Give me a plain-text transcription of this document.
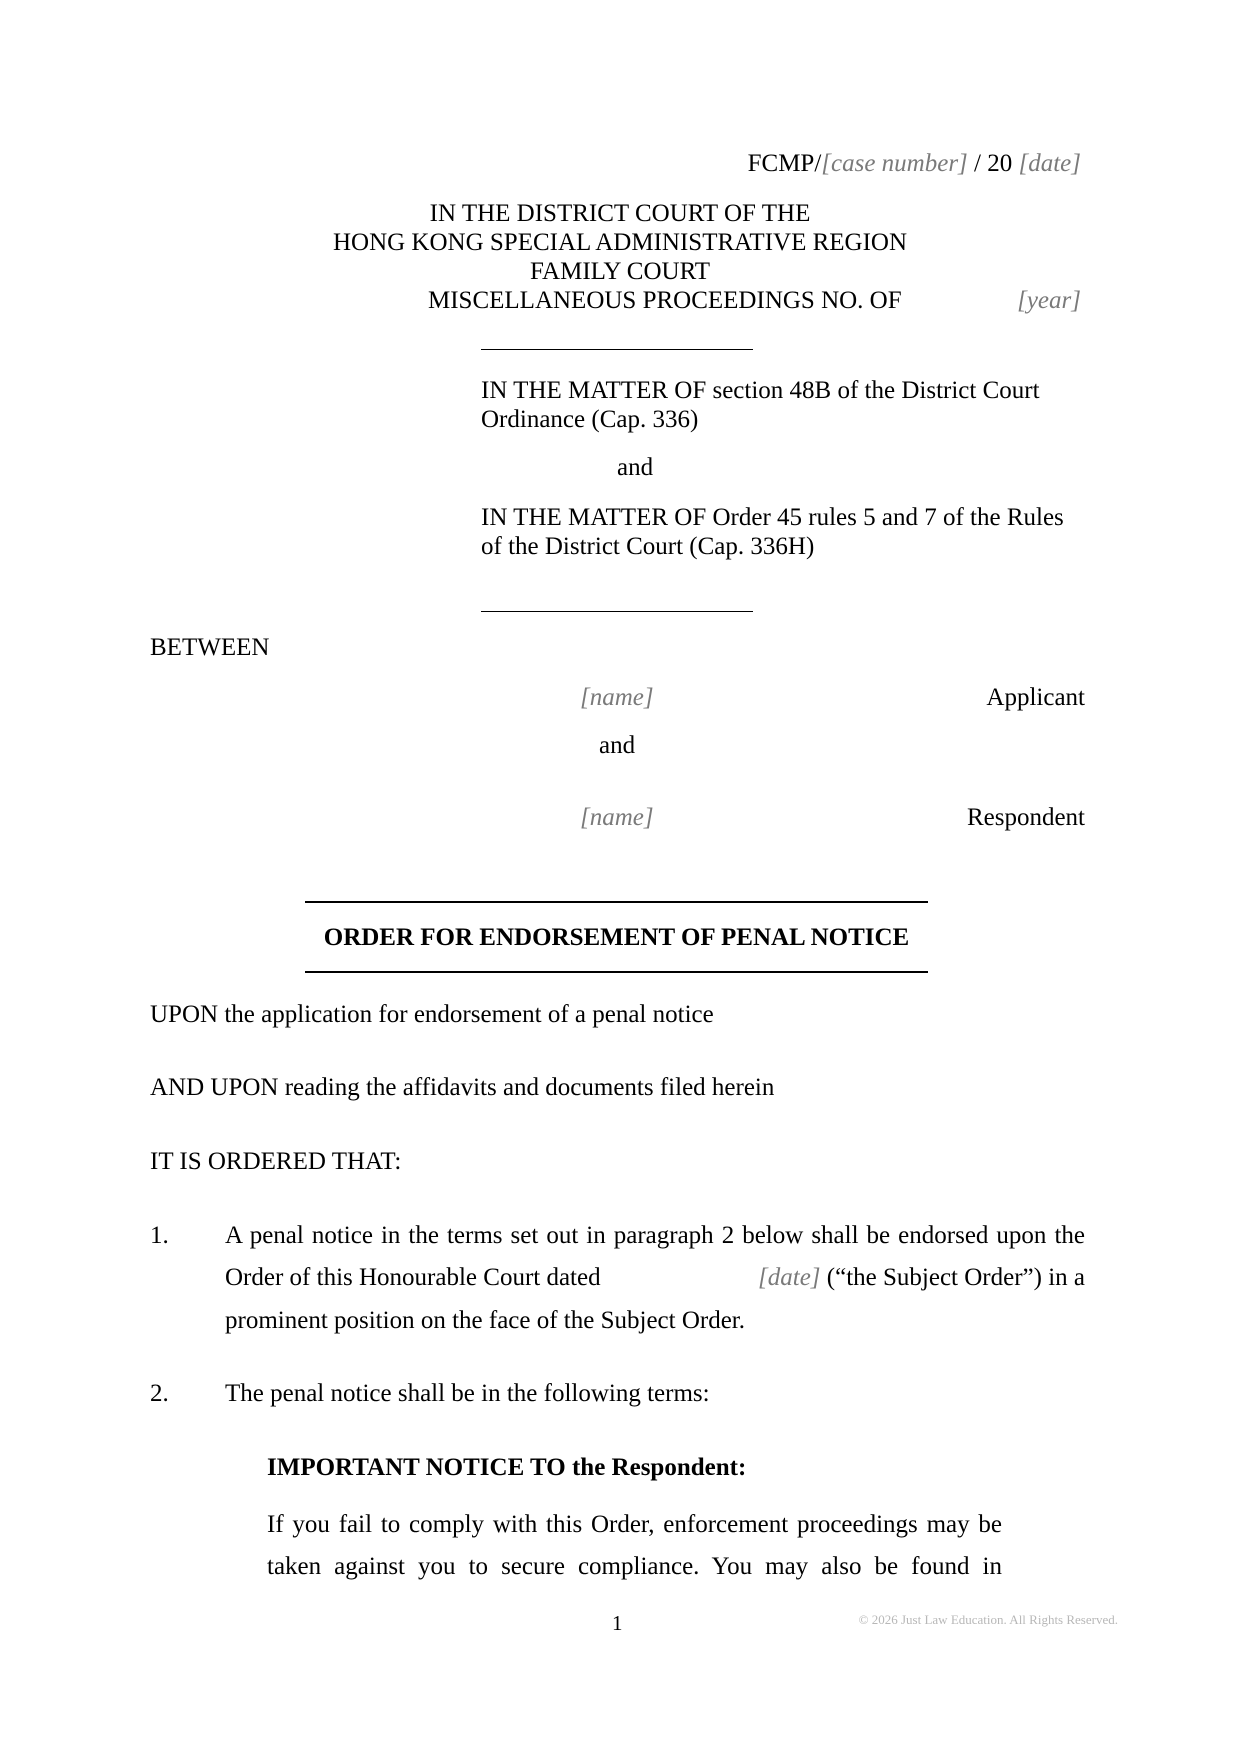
FCMP/[case number] / 20 [date]
IN THE DISTRICT COURT OF THE
HONG KONG SPECIAL ADMINISTRATIVE REGION
FAMILY COURT
MISCELLANEOUS PROCEEDINGS NO. OF	[year]
IN THE MATTER OF section 48B of the District Court
Ordinance (Cap. 336)
and
IN THE MATTER OF Order 45 rules 5 and 7 of the Rules
of the District Court (Cap. 336H)
BETWEEN
[name]	Applicant
and
[name]	Respondent
ORDER FOR ENDORSEMENT OF PENAL NOTICE
UPON the application for endorsement of a penal notice
AND UPON reading the affidavits and documents filed herein
IT IS ORDERED THAT:
1. A penal notice in the terms set out in paragraph 2 below shall be endorsed upon the
Order of this Honourable Court dated	[date] (“the Subject Order”) in a
prominent position on the face of the Subject Order.
2. The penal notice shall be in the following terms:
IMPORTANT NOTICE TO the Respondent:
If you fail to comply with this Order, enforcement proceedings may be
taken against you to secure compliance. You may also be found in
1	© 2026 Just Law Education. All Rights Reserved.
